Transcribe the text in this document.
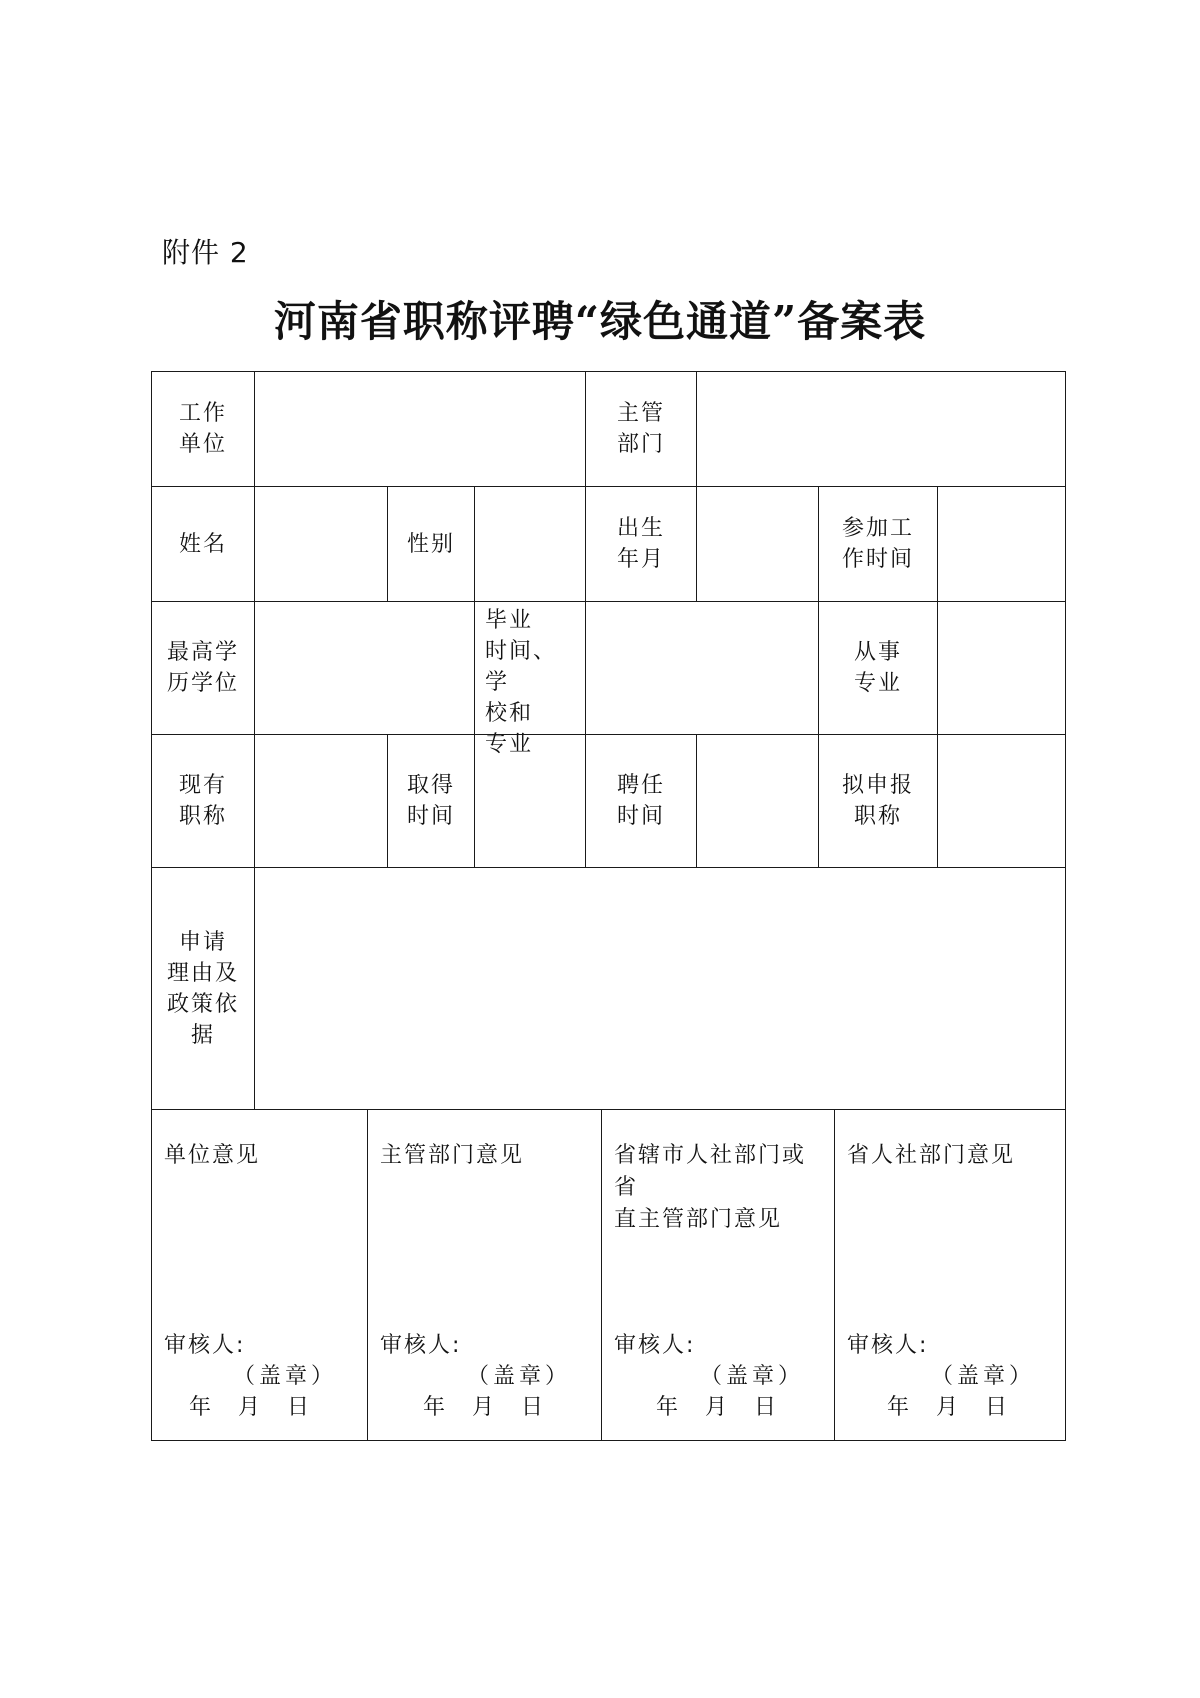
附件 2
河南省职称评聘“绿色通道”备案表
工作
单位
主管
部门
姓名	性别
出生
年月
参加工
作时间
最高学
历学位
毕业
时间、学
校和
专业
从事
专业
现有
职称
取得
时间
聘任
时间
拟申报
职称
申请
理由及
政策依
据
单位意见
审核人:
（盖章）
年 月 日
主管部门意见
审核人:
（盖章）
年 月 日
省辖市人社部门或省
直主管部门意见
审核人:
（盖章）
年 月 日
省人社部门意见
审核人:
（盖章）
年 月 日
